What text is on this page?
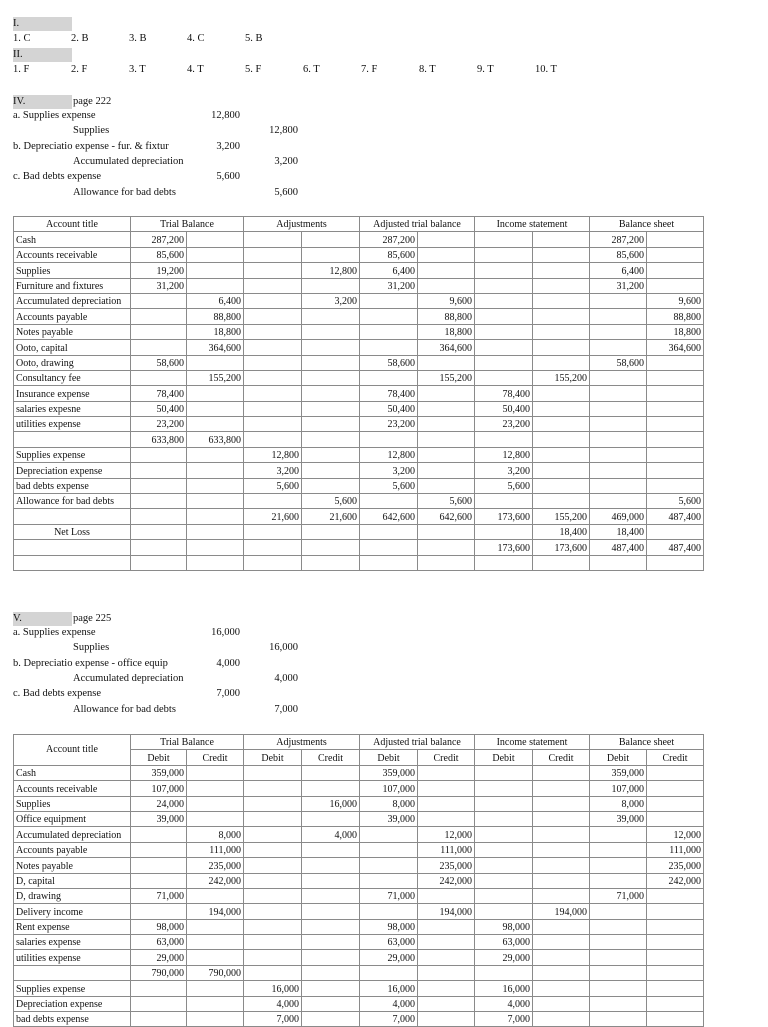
I.
1. C	2. B	3. B	4. C	5. B
II.
1. F	2. F	3. T	4. T	5. F	6. T	7. F	8. T	9. T	10. T
IV.	page 222
a. Supplies expense	12,800
Supplies	12,800
b. Depreciatio expense - fur. & fixtur	3,200
Accumulated depreciation	3,200
c. Bad debts expense	5,600
Allowance for bad debts	5,600
Account title	Trial Balance		Adjustments		Adjusted trial balance		Income statement		Balance sheet	
Cash	287,200				287,200				287,200	
Accounts receivable	85,600				85,600				85,600	
Supplies	19,200			12,800	6,400				6,400	
Furniture and fixtures	31,200				31,200				31,200	
Accumulated depreciation		6,400		3,200		9,600				9,600
Accounts payable		88,800				88,800				88,800
Notes payable		18,800				18,800				18,800
Ooto, capital		364,600				364,600				364,600
Ooto, drawing	58,600				58,600				58,600	
Consultancy fee		155,200				155,200		155,200		
Insurance expense	78,400				78,400		78,400			
salaries expesne	50,400				50,400		50,400			
utilities expense	23,200				23,200		23,200			
	633,800	633,800								
Supplies expense			12,800		12,800		12,800			
Depreciation expense			3,200		3,200		3,200			
bad debts expense			5,600		5,600		5,600			
Allowance for bad debts				5,600		5,600				5,600
			21,600	21,600	642,600	642,600	173,600	155,200	469,000	487,400
Net Loss								18,400	18,400	
							173,600	173,600	487,400	487,400

V.	page 225
a. Supplies expense	16,000
Supplies	16,000
b. Depreciatio expense - office equip	4,000
Accumulated depreciation	4,000
c. Bad debts expense	7,000
Allowance for bad debts	7,000
Account title	Trial Balance		Adjustments		Adjusted trial balance		Income statement		Balance sheet	
	Debit	Credit	Debit	Credit	Debit	Credit	Debit	Credit	Debit	Credit
Cash	359,000				359,000				359,000	
Accounts receivable	107,000				107,000				107,000	
Supplies	24,000			16,000	8,000				8,000	
Office equipment	39,000				39,000				39,000	
Accumulated depreciation		8,000		4,000		12,000				12,000
Accounts payable		111,000				111,000				111,000
Notes payable		235,000				235,000				235,000
D, capital		242,000				242,000				242,000
D, drawing	71,000				71,000				71,000	
Delivery income		194,000				194,000		194,000		
Rent expense	98,000				98,000		98,000			
salaries expense	63,000				63,000		63,000			
utilities expense	29,000				29,000		29,000			
	790,000	790,000								
Supplies expense			16,000		16,000		16,000			
Depreciation expense			4,000		4,000		4,000			
bad debts expense			7,000		7,000		7,000			
